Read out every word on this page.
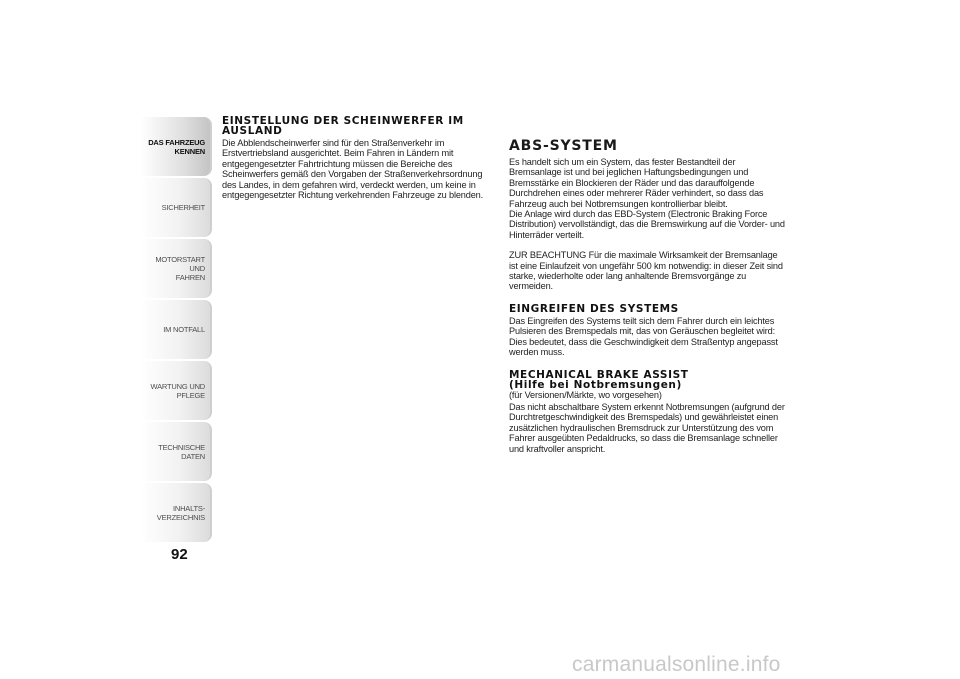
DAS FAHRZEUG
KENNEN
SICHERHEIT
MOTORSTART UND
FAHREN
IM NOTFALL
WARTUNG UND
PFLEGE
TECHNISCHE DATEN
INHALTS-
VERZEICHNIS
92

EINSTELLUNG DER SCHEINWERFER IM

AUSLAND

Die Abblendscheinwerfer sind für den Straßenverkehr im Erstvertriebsland ausgerichtet. Beim Fahren in Ländern mit entgegengesetzter Fahrtrichtung müssen die Bereiche des Scheinwerfers gemäß den Vorgaben der Straßenverkehrsordnung des Landes, in dem gefahren wird, verdeckt werden, um keine in entgegengesetzter Richtung verkehrenden Fahrzeuge zu blenden.

ABS-SYSTEM

Es handelt sich um ein System, das fester Bestandteil der Bremsanlage ist und bei jeglichen Haftungsbedingungen und Bremsstärke ein Blockieren der Räder und das darauffolgende Durchdrehen eines oder mehrerer Räder verhindert, so dass das Fahrzeug auch bei Notbremsungen kontrollierbar bleibt.

Die Anlage wird durch das EBD-System (Electronic Braking Force Distribution) vervollständigt, das die Bremswirkung auf die Vorder- und Hinterräder verteilt.

ZUR BEACHTUNG Für die maximale Wirksamkeit der Bremsanlage ist eine Einlaufzeit von ungefähr 500 km notwendig: in dieser Zeit sind starke, wiederholte oder lang anhaltende Bremsvorgänge zu vermeiden.

EINGREIFEN DES SYSTEMS

Das Eingreifen des Systems teilt sich dem Fahrer durch ein leichtes Pulsieren des Bremspedals mit, das von Geräuschen begleitet wird: Dies bedeutet, dass die Geschwindigkeit dem Straßentyp angepasst werden muss.

MECHANICAL BRAKE ASSIST

(Hilfe bei Notbremsungen)

(für Versionen/Märkte, wo vorgesehen)

Das nicht abschaltbare System erkennt Notbremsungen (aufgrund der Durchtretgeschwindigkeit des Bremspedals) und gewährleistet einen zusätzlichen hydraulischen Bremsdruck zur Unterstützung des vom Fahrer ausgeübten Pedaldrucks, so dass die Bremsanlage schneller und kraftvoller anspricht.

carmanualsonline.info
